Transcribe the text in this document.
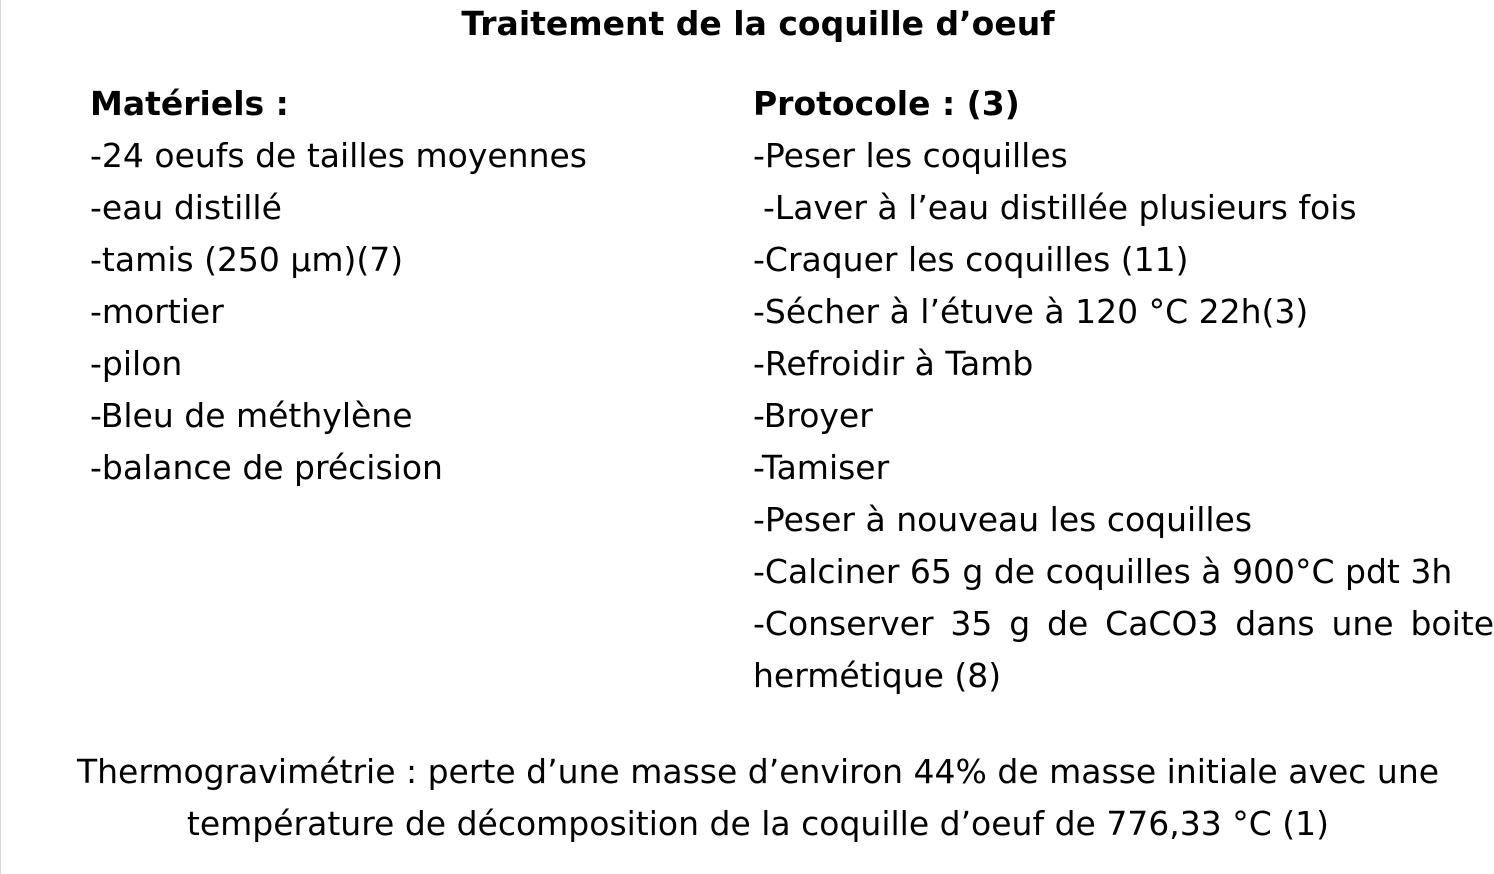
Traitement de la coquille d’oeuf
Matériels :
-24 oeufs de tailles moyennes
-eau distillé
-tamis (250 µm)(7)
-mortier
-pilon
-Bleu de méthylène
-balance de précision
Protocole : (3)
-Peser les coquilles
-Laver à l’eau distillée plusieurs fois
-Craquer les coquilles (11)
-Sécher à l’étuve à 120 °C 22h(3)
-Refroidir à Tamb
-Broyer
-Tamiser
-Peser à nouveau les coquilles
-Calciner 65 g de coquilles à 900°C pdt 3h
-Conserver 35 g de CaCO3 dans une boite hermétique (8)
Thermogravimétrie : perte d’une masse d’environ 44% de masse initiale avec une
température de décomposition de la coquille d’oeuf de 776,33 °C (1)
